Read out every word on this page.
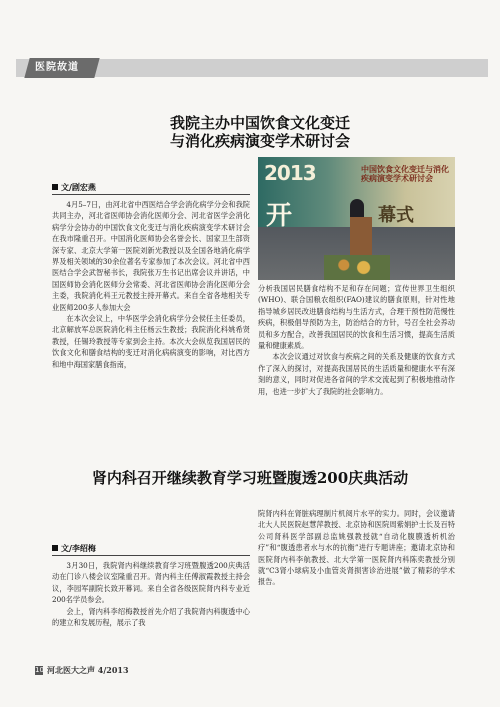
医院故道
我院主办中国饮食文化变迁
与消化疾病演变学术研讨会
文/剧宏燕
2013	中国饮食文化变迁与消化疾病演变学术研讨会
开	幕式

4月5–7日，由河北省中西医结合学会消化病学分会和我院共同主办，河北省医师协会消化医师分会、河北省医学会消化病学分会协办的中国饮食文化变迁与消化疾病演变学术研讨会在我市隆重召开。中国消化医师协会名誉会长、国家卫生部资深专家、北京大学第一医院刘新光教授以及全国各地消化病学界及相关领域的30余位著名专家参加了本次会议。河北省中西医结合学会武智秘书长，我院张万生书记出席会议并讲话，中国医师协会消化医师分会常委、河北省医师协会消化医师分会主委，我院消化科王元教授主持开幕式。来自全省各地相关专业医师200多人参加大会

在本次会议上，中华医学会消化病学分会侯任主任委员，北京解放军总医院消化科主任杨云生教授；我院消化科姚希贤教授，任锡玲教授等专家到会主持。本次大会纵览我国居民的饮食文化和膳食结构的变迁对消化病病演变的影响，对比西方和地中海国家膳食指南，

分析我国居民膳食结构不足和存在问题；宣传世界卫生组织(WHO)、联合国粮农组织(FAO)建议的膳食原则，针对性地指导城乡居民改进膳食结构与生活方式，合理干预性防范慢性疾病，积极倡导预防为主，防治结合的方针，号召全社会养动员和多方配合，改善我国居民的饮食和生活习惯，提高生活质量和健康素质。

本次会议通过对饮食与疾病之间的关系及健康的饮食方式作了深入的探讨，对提高我国居民的生活质量和健康水平有深刻的意义，同时对促进各省间的学术交流起到了积极地推动作用，也进一步扩大了我院的社会影响力。

肾内科召开继续教育学习班暨腹透200庆典活动
文/李绍梅

3月30日，我院肾内科继续教育学习班暨腹透200庆典活动在门诊八楼会议室隆重召开。肾内科主任傅淑霞教授主持会议，李园军副院长致开幕词。来自全省各级医院肾内科专业近200名学员参会。

会上，肾内科李绍梅教授首先介绍了我院肾内科腹透中心的建立和发展历程，展示了我

院肾内科在肾脏病理制片机阅片水平的实力。同时，会议邀请北大人民医院赵慧萍教授、北京协和医院周紫娟护士长及百特公司肾科医学部副总监姚强教授就“自动化腹膜透析机治疗”和“腹透患者水与水的抗衡”进行专题讲座；邀请北京协和医院肾内科李航教授、北大学第一医院肾内科陈奕教授分别就“C3肾小球病及小血管炎肾损害诊治进展”做了精彩的学术报告。

10 河北医大之声 4/2013
